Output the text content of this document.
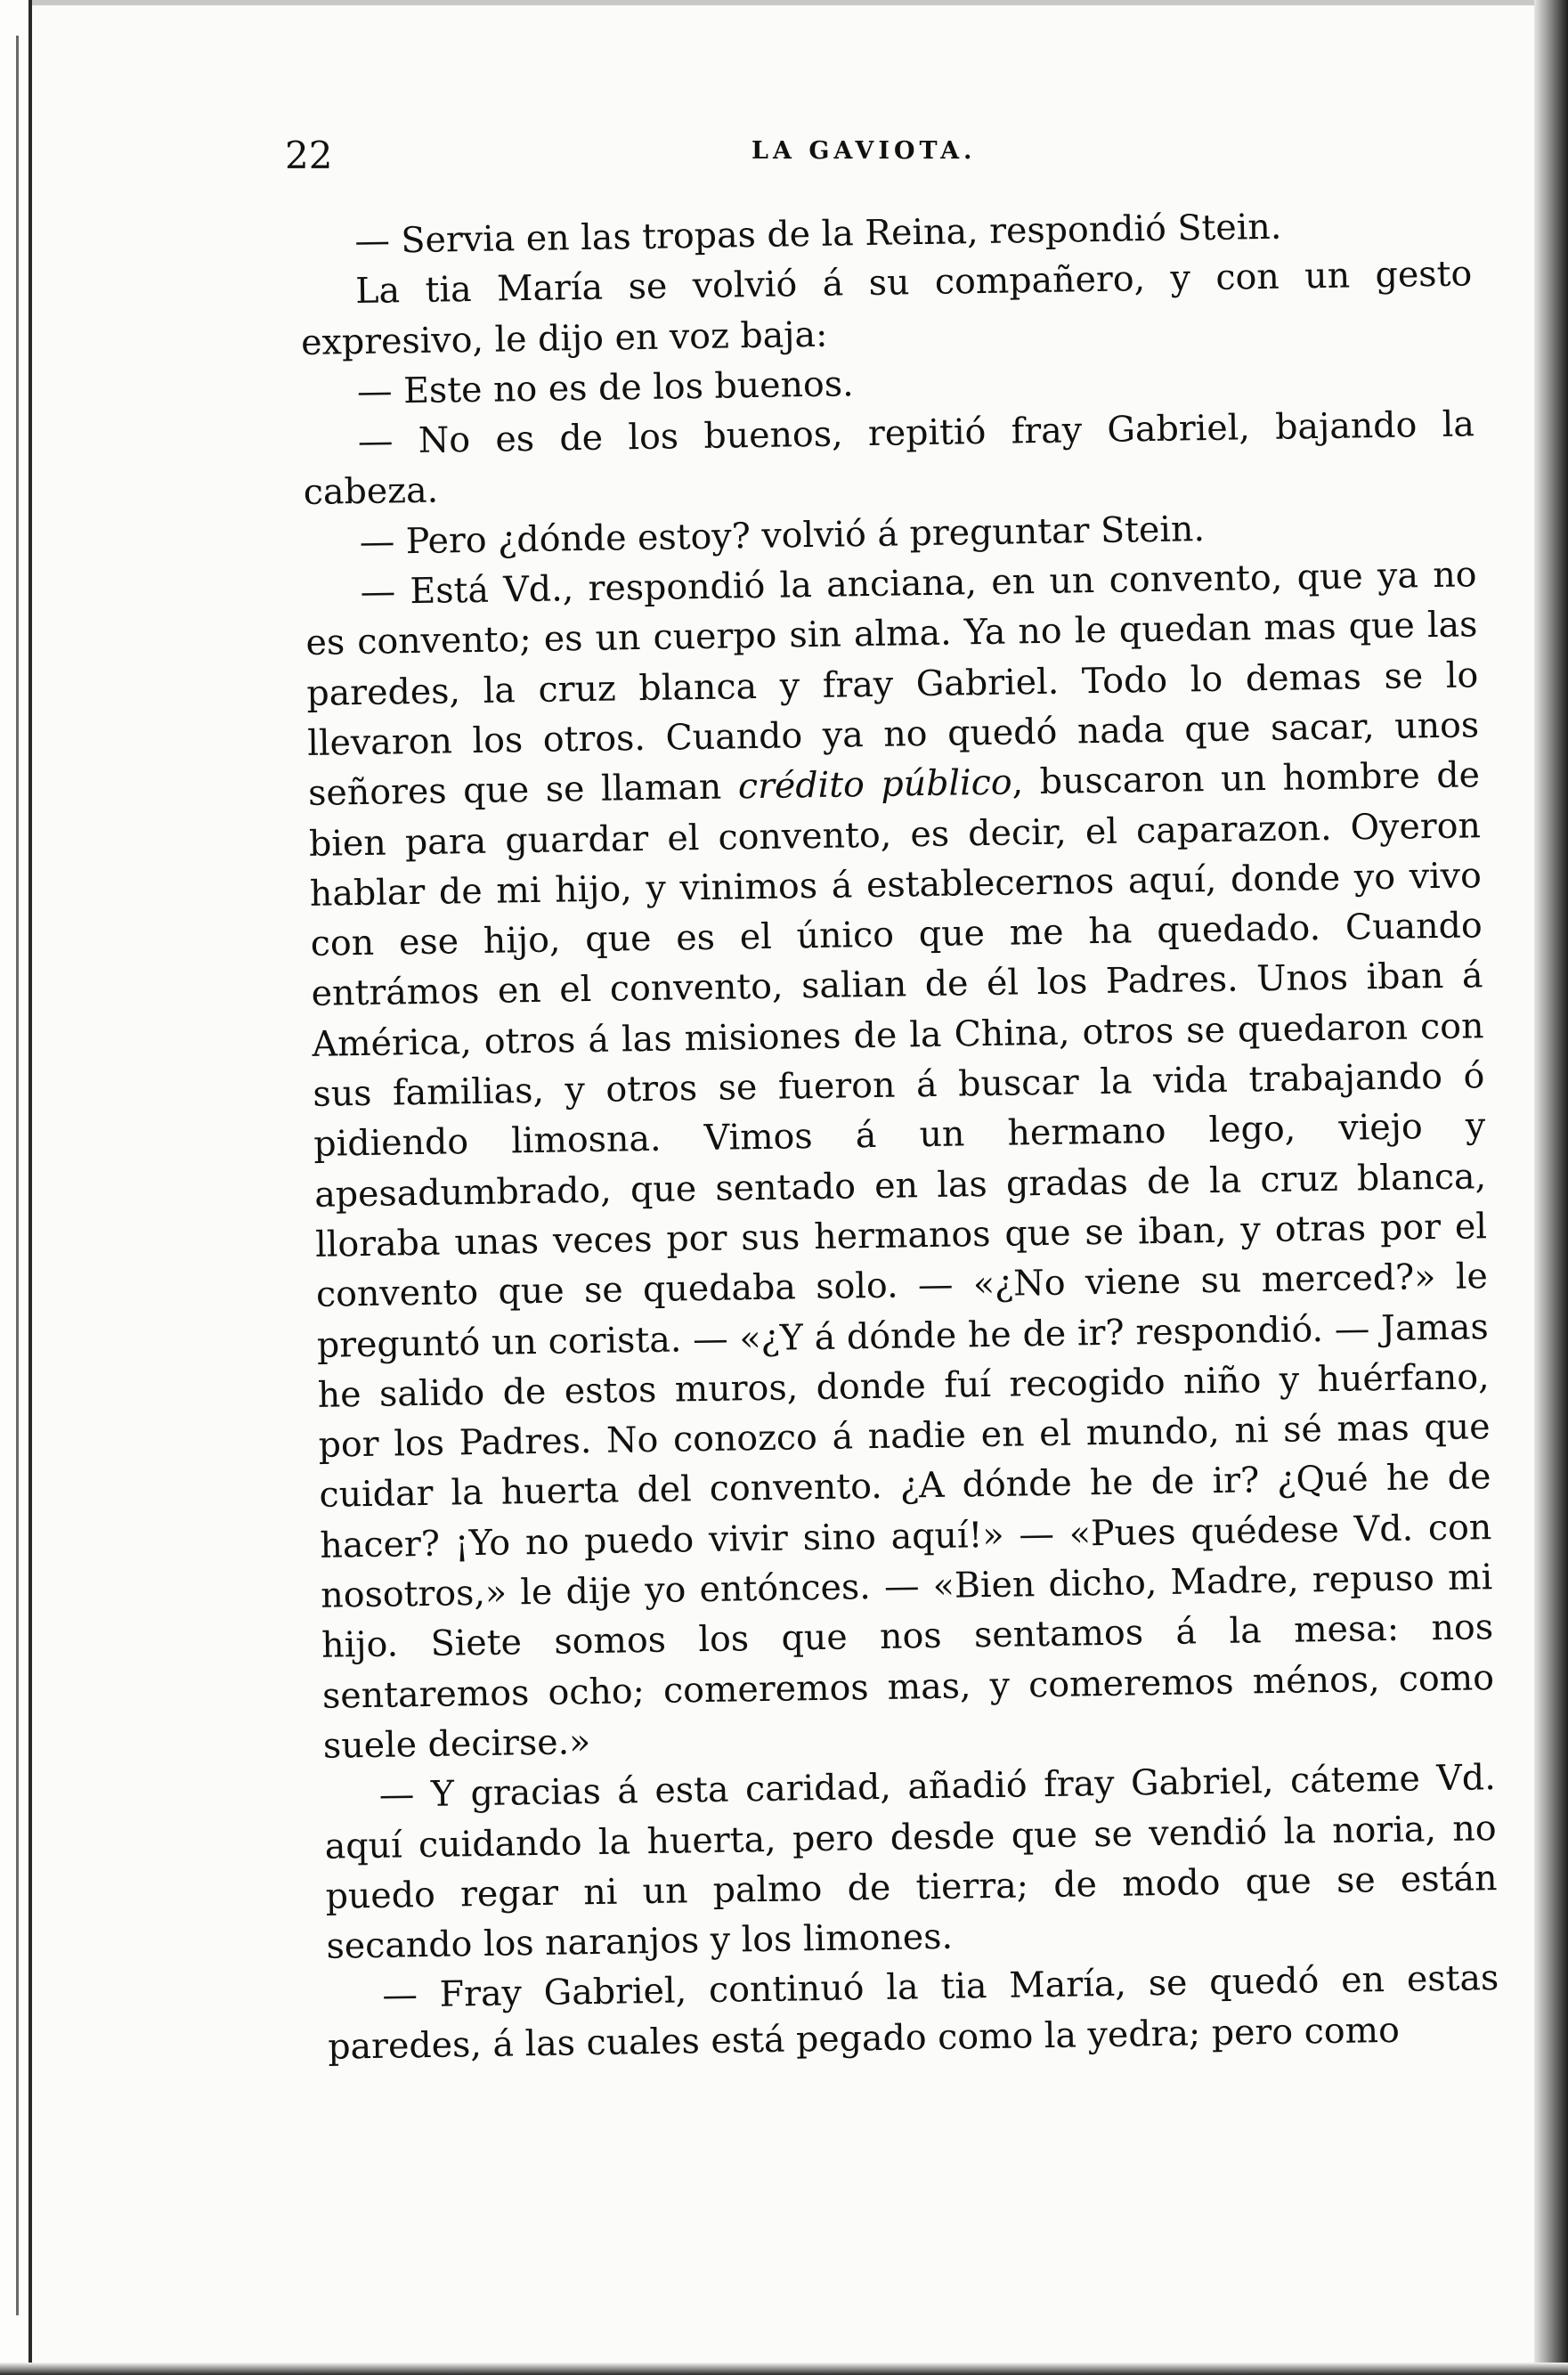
22	LA GAVIOTA.

— Servia en las tropas de la Reina, respondió Stein.

La tia María se volvió á su compañero, y con un gesto expresivo, le dijo en voz baja:

— Este no es de los buenos.

— No es de los buenos, repitió fray Gabriel, bajando la cabeza.

— Pero ¿dónde estoy? volvió á preguntar Stein.

— Está Vd., respondió la anciana, en un convento, que ya no es convento; es un cuerpo sin alma. Ya no le quedan mas que las paredes, la cruz blanca y fray Gabriel. Todo lo demas se lo llevaron los otros. Cuando ya no quedó nada que sacar, unos señores que se llaman crédito público, buscaron un hombre de bien para guardar el convento, es decir, el caparazon. Oyeron hablar de mi hijo, y vinimos á establecernos aquí, donde yo vivo con ese hijo, que es el único que me ha quedado. Cuando entrámos en el convento, salian de él los Padres. Unos iban á América, otros á las misiones de la China, otros se quedaron con sus familias, y otros se fueron á buscar la vida trabajando ó pidiendo limosna. Vimos á un hermano lego, viejo y apesadumbrado, que sentado en las gradas de la cruz blanca, lloraba unas veces por sus hermanos que se iban, y otras por el convento que se quedaba solo. — «¿No viene su merced?» le preguntó un corista. — «¿Y á dónde he de ir? respondió. — Jamas he salido de estos muros, donde fuí recogido niño y huérfano, por los Padres. No conozco á nadie en el mundo, ni sé mas que cuidar la huerta del convento. ¿A dónde he de ir? ¿Qué he de hacer? ¡Yo no puedo vivir sino aquí!» — «Pues quédese Vd. con nosotros,» le dije yo entónces. — «Bien dicho, Madre, repuso mi hijo. Siete somos los que nos sentamos á la mesa: nos sentaremos ocho; comeremos mas, y comeremos ménos, como suele decirse.»

— Y gracias á esta caridad, añadió fray Gabriel, cáteme Vd. aquí cuidando la huerta, pero desde que se vendió la noria, no puedo regar ni un palmo de tierra; de modo que se están secando los naranjos y los limones.

— Fray Gabriel, continuó la tia María, se quedó en estas paredes, á las cuales está pegado como la yedra; pero como
